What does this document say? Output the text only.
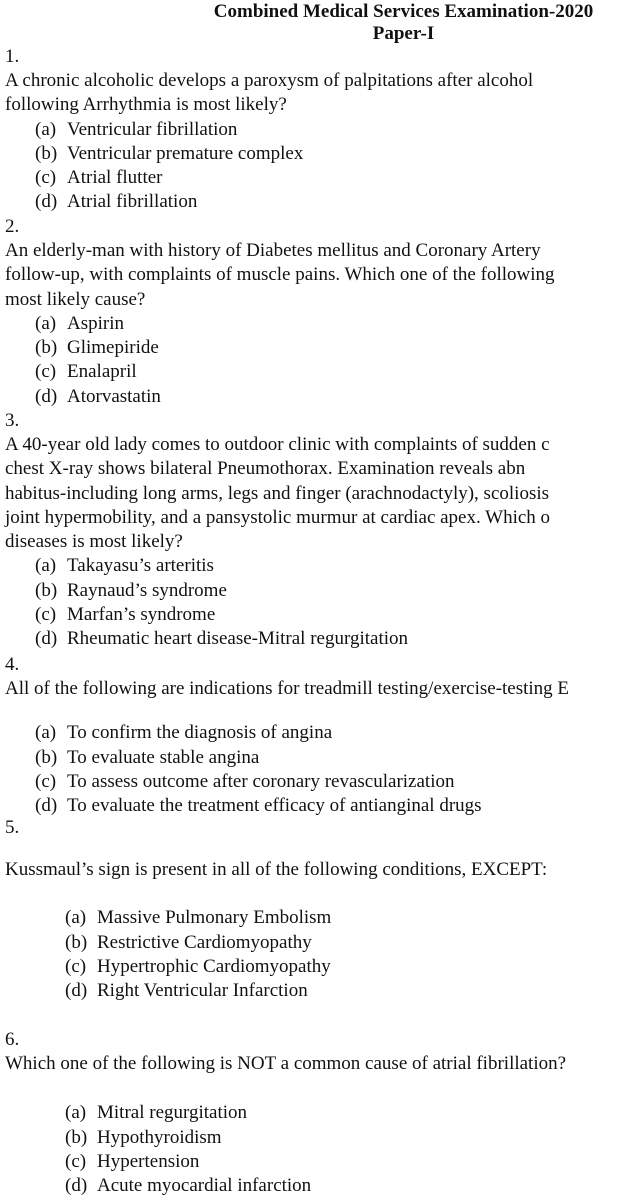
Combined Medical Services Examination-2020
Paper-I
1.
A chronic alcoholic develops a paroxysm of palpitations after alcohol
following Arrhythmia is most likely?
(a) Ventricular fibrillation
(b) Ventricular premature complex
(c) Atrial flutter
(d) Atrial fibrillation
2.
An elderly-man with history of Diabetes mellitus and Coronary Artery
follow-up, with complaints of muscle pains. Which one of the following
most likely cause?
(a) Aspirin
(b) Glimepiride
(c) Enalapril
(d) Atorvastatin
3.
A 40-year old lady comes to outdoor clinic with complaints of sudden c
chest X-ray shows bilateral Pneumothorax. Examination reveals abn
habitus-including long arms, legs and finger (arachnodactyly), scoliosis
joint hypermobility, and a pansystolic murmur at cardiac apex. Which o
diseases is most likely?
(a) Takayasu’s arteritis
(b) Raynaud’s syndrome
(c) Marfan’s syndrome
(d) Rheumatic heart disease-Mitral regurgitation
4.
All of the following are indications for treadmill testing/exercise-testing E
(a) To confirm the diagnosis of angina
(b) To evaluate stable angina
(c) To assess outcome after coronary revascularization
(d) To evaluate the treatment efficacy of antianginal drugs
5.
Kussmaul’s sign is present in all of the following conditions, EXCEPT:
(a) Massive Pulmonary Embolism
(b) Restrictive Cardiomyopathy
(c) Hypertrophic Cardiomyopathy
(d) Right Ventricular Infarction
6.
Which one of the following is NOT a common cause of atrial fibrillation?
(a) Mitral regurgitation
(b) Hypothyroidism
(c) Hypertension
(d) Acute myocardial infarction
